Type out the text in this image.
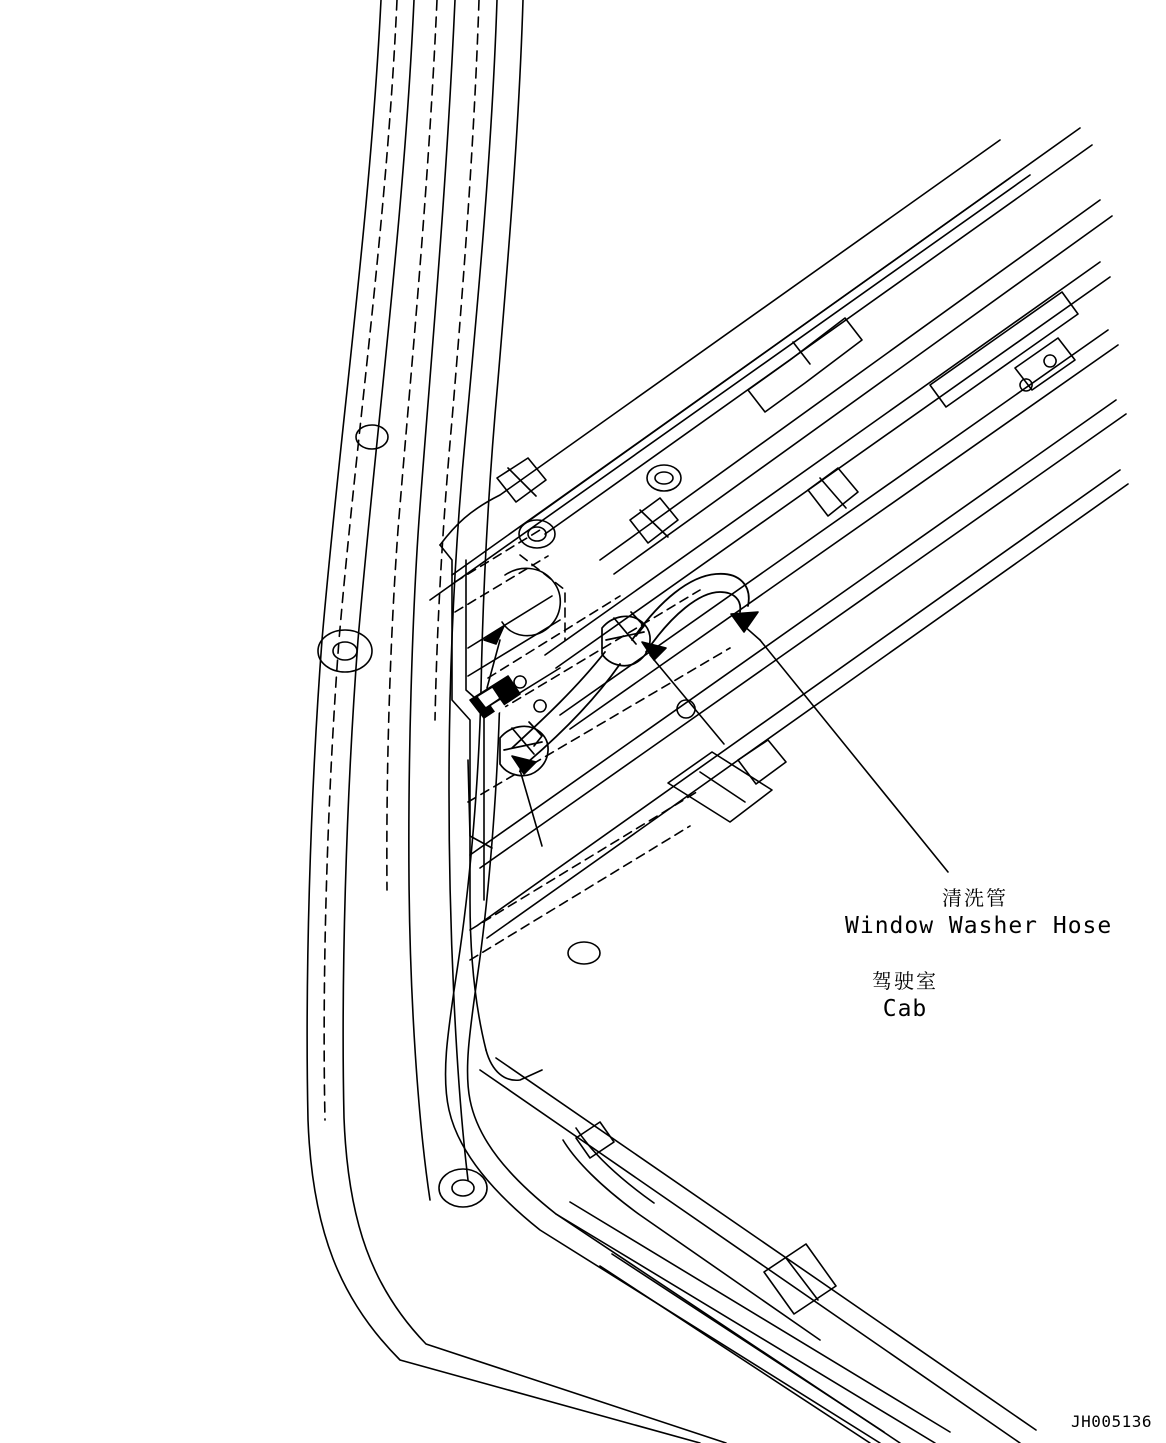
清洗管
Window Washer Hose
驾驶室
Cab
JH005136
